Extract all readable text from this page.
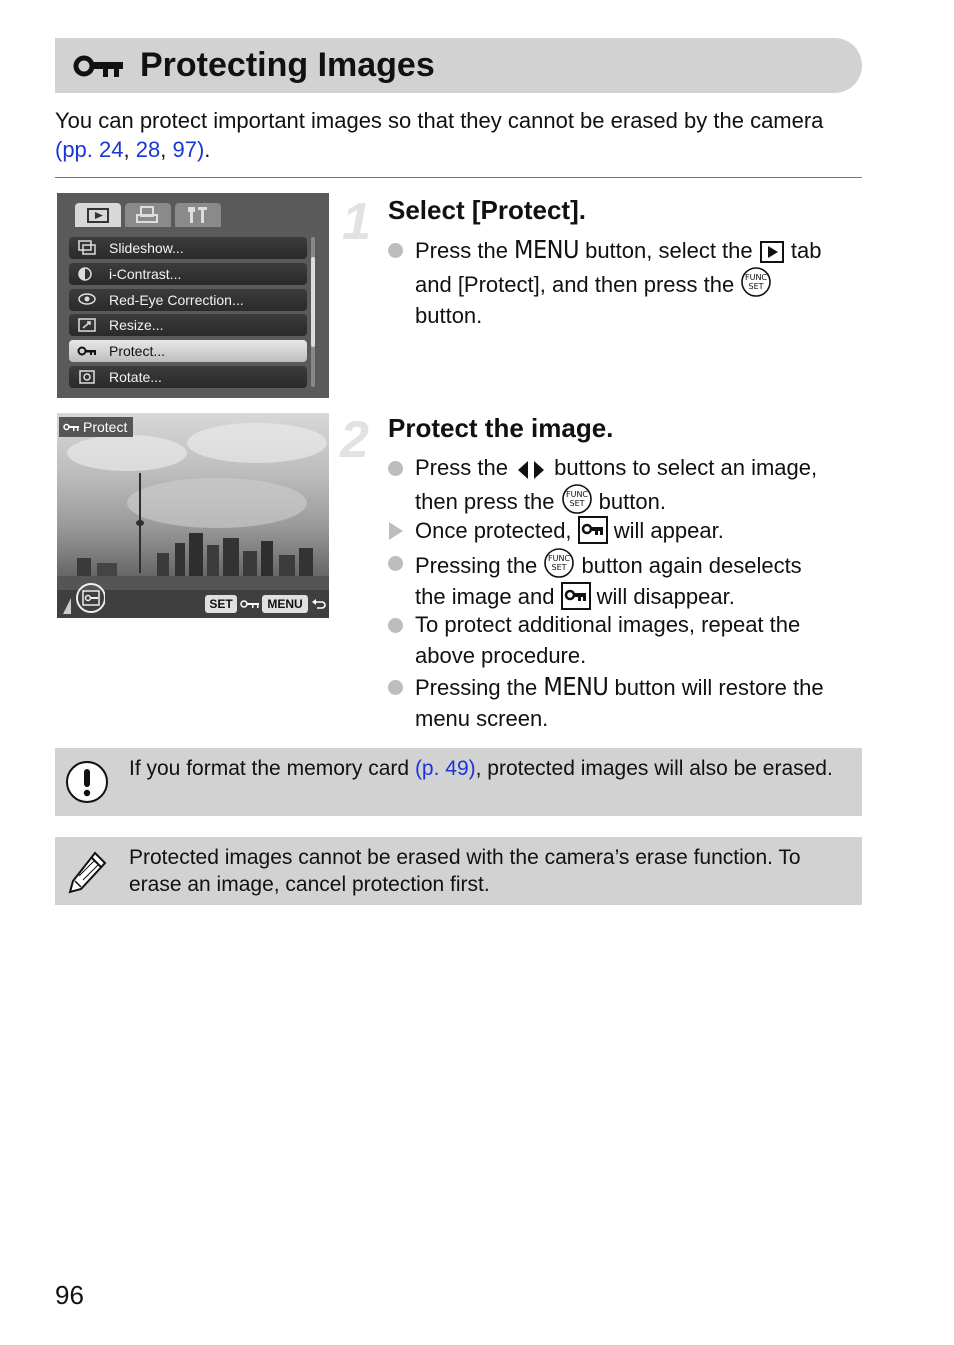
Protecting Images
You can protect important images so that they cannot be erased by the camera (pp. 24, 28, 97).
Slideshow...
i-Contrast...
Red-Eye Correction...
Resize...
Protect...
Rotate...
Protect
SET	MENU
1 Select [Protect].
Press the MENU button, select the  tab
and [Protect], and then press the FUNC
SET
button.
2 Protect the image.
Press the  buttons to select an image,
then press the FUNC
SET button.
Once protected,  will appear.
Pressing the FUNC
SET button again deselects
the image and  will disappear.
To protect additional images, repeat the
above procedure.
Pressing the MENU button will restore the
menu screen.
If you format the memory card (p. 49), protected images will also be erased.
Protected images cannot be erased with the camera’s erase function. To erase an image, cancel protection first.
96
